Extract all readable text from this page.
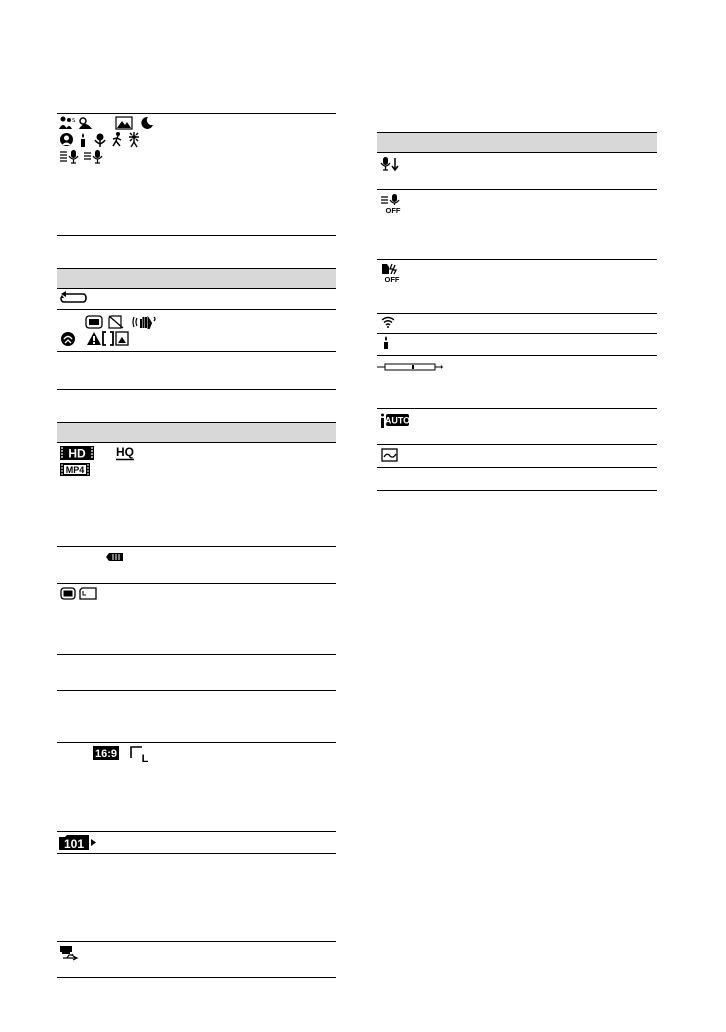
S
HD	HQ
MP4
16:9 L
101
OFF
OFF
AUTO
